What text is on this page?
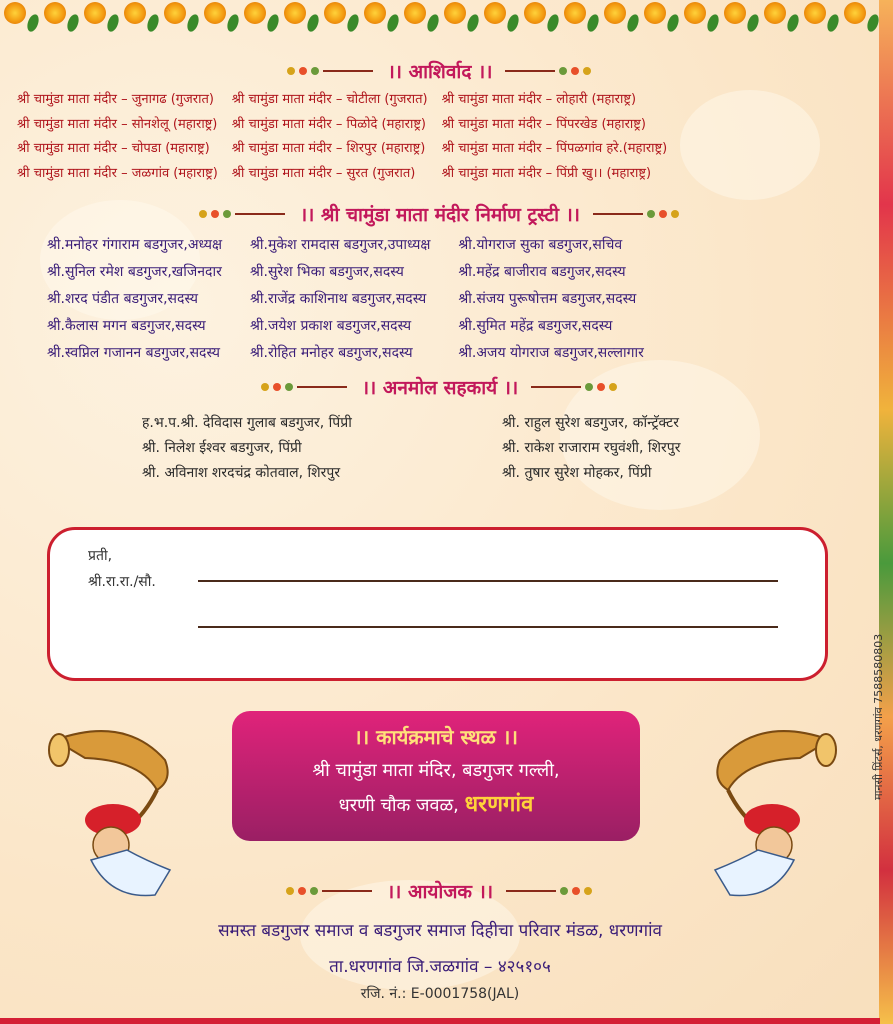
।। आशिर्वाद ।।
श्री चामुंडा माता मंदीर – जुनागढ (गुजरात) श्री चामुंडा माता मंदीर – चोटीला (गुजरात) श्री चामुंडा माता मंदीर – लोहारी (महाराष्ट्र)
श्री चामुंडा माता मंदीर – सोनशेलू (महाराष्ट्र) श्री चामुंडा माता मंदीर – पिळोदे (महाराष्ट्र) श्री चामुंडा माता मंदीर – पिंपरखेड (महाराष्ट्र)
श्री चामुंडा माता मंदीर – चोपडा (महाराष्ट्र)	श्री चामुंडा माता मंदीर – शिरपुर (महाराष्ट्र) श्री चामुंडा माता मंदीर – पिंपळगांव हरे.(महाराष्ट्र)
श्री चामुंडा माता मंदीर – जळगांव (महाराष्ट्र) श्री चामुंडा माता मंदीर – सुरत (गुजरात)	श्री चामुंडा माता मंदीर – पिंप्री खु।। (महाराष्ट्र)
।। श्री चामुंडा माता मंदीर निर्माण ट्रस्टी ।।
श्री.मनोहर गंगाराम बडगुजर,अध्यक्ष श्री.मुकेश रामदास बडगुजर,उपाध्यक्ष श्री.योगराज सुका बडगुजर,सचिव
श्री.सुनिल रमेश बडगुजर,खजिनदार श्री.सुरेश भिका बडगुजर,सदस्य	श्री.महेंद्र बाजीराव बडगुजर,सदस्य
श्री.शरद पंडीत बडगुजर,सदस्य	श्री.राजेंद्र काशिनाथ बडगुजर,सदस्य श्री.संजय पुरूषोत्तम बडगुजर,सदस्य
श्री.कैलास मगन बडगुजर,सदस्य	श्री.जयेश प्रकाश बडगुजर,सदस्य	श्री.सुमित महेंद्र बडगुजर,सदस्य
श्री.स्वप्निल गजानन बडगुजर,सदस्य श्री.रोहित मनोहर बडगुजर,सदस्य	श्री.अजय योगराज बडगुजर,सल्लागार
।। अनमोल सहकार्य ।।
ह.भ.प.श्री. देविदास गुलाब बडगुजर, पिंप्री	श्री. राहुल सुरेश बडगुजर, कॉन्ट्रॅक्टर
श्री. निलेश ईश्वर बडगुजर, पिंप्री	श्री. राकेश राजाराम रघुवंशी, शिरपुर
श्री. अविनाश शरदचंद्र कोतवाल, शिरपुर	श्री. तुषार सुरेश मोहकर, पिंप्री
प्रती,
श्री.रा.रा./सौ.
।। कार्यक्रमाचे स्थळ ।।
श्री चामुंडा माता मंदिर, बडगुजर गल्ली,
धरणी चौक जवळ, धरणगांव
।। आयोजक ।।
समस्त बडगुजर समाज व बडगुजर समाज दिहीचा परिवार मंडळ, धरणगांव
ता.धरणगांव जि.जळगांव – ४२५१०५
रजि. नं.: E-0001758(JAL)
मानसी प्रिंटर्स, धरणगांव 7588580803
